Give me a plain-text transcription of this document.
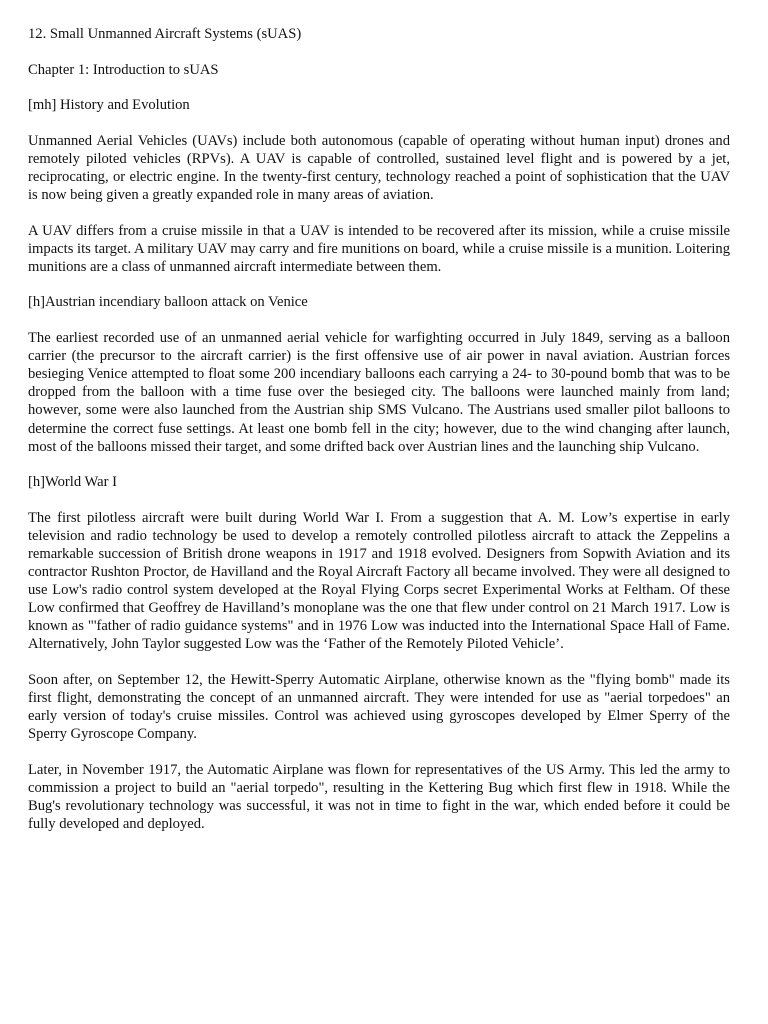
12. Small Unmanned Aircraft Systems (sUAS)

Chapter 1: Introduction to sUAS

[mh] History and Evolution

Unmanned Aerial Vehicles (UAVs) include both autonomous (capable of operating without human input) drones and remotely piloted vehicles (RPVs). A UAV is capable of controlled, sustained level flight and is powered by a jet, reciprocating, or electric engine. In the twenty-first century, technology reached a point of sophistication that the UAV is now being given a greatly expanded role in many areas of aviation.

A UAV differs from a cruise missile in that a UAV is intended to be recovered after its mission, while a cruise missile impacts its target. A military UAV may carry and fire munitions on board, while a cruise missile is a munition. Loitering munitions are a class of unmanned aircraft intermediate between them.

[h]Austrian incendiary balloon attack on Venice

The earliest recorded use of an unmanned aerial vehicle for warfighting occurred in July 1849, serving as a balloon carrier (the precursor to the aircraft carrier) is the first offensive use of air power in naval aviation. Austrian forces besieging Venice attempted to float some 200 incendiary balloons each carrying a 24- to 30-pound bomb that was to be dropped from the balloon with a time fuse over the besieged city. The balloons were launched mainly from land; however, some were also launched from the Austrian ship SMS Vulcano. The Austrians used smaller pilot balloons to determine the correct fuse settings. At least one bomb fell in the city; however, due to the wind changing after launch, most of the balloons missed their target, and some drifted back over Austrian lines and the launching ship Vulcano.

[h]World War I

The first pilotless aircraft were built during World War I. From a suggestion that A. M. Low’s expertise in early television and radio technology be used to develop a remotely controlled pilotless aircraft to attack the Zeppelins a remarkable succession of British drone weapons in 1917 and 1918 evolved. Designers from Sopwith Aviation and its contractor Rushton Proctor, de Havilland and the Royal Aircraft Factory all became involved. They were all designed to use Low's radio control system developed at the Royal Flying Corps secret Experimental Works at Feltham. Of these Low confirmed that Geoffrey de Havilland’s monoplane was the one that flew under control on 21 March 1917. Low is known as "'father of radio guidance systems" and in 1976 Low was inducted into the International Space Hall of Fame. Alternatively, John Taylor suggested Low was the ‘Father of the Remotely Piloted Vehicle’.

Soon after, on September 12, the Hewitt-Sperry Automatic Airplane, otherwise known as the "flying bomb" made its first flight, demonstrating the concept of an unmanned aircraft. They were intended for use as "aerial torpedoes" an early version of today's cruise missiles. Control was achieved using gyroscopes developed by Elmer Sperry of the Sperry Gyroscope Company.

Later, in November 1917, the Automatic Airplane was flown for representatives of the US Army. This led the army to commission a project to build an "aerial torpedo", resulting in the Kettering Bug which first flew in 1918. While the Bug's revolutionary technology was successful, it was not in time to fight in the war, which ended before it could be fully developed and deployed.
